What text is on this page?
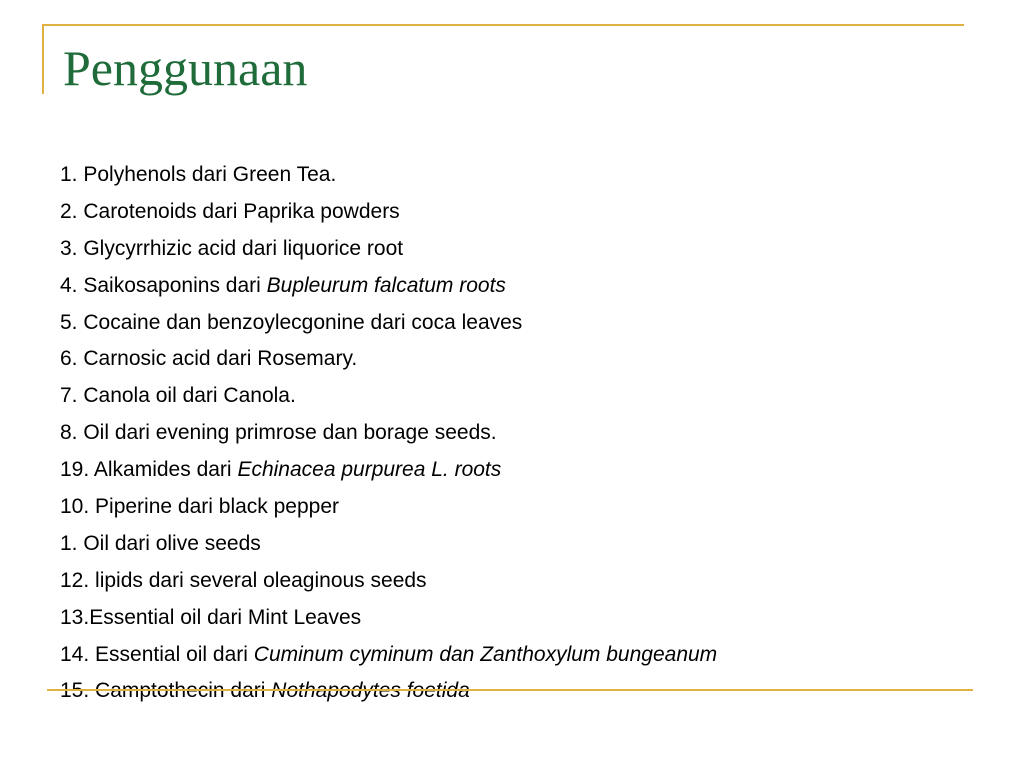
Penggunaan
1. Polyhenols dari Green Tea.
2. Carotenoids dari Paprika powders
3. Glycyrrhizic acid dari liquorice root
4. Saikosaponins dari Bupleurum falcatum roots
5. Cocaine dan benzoylecgonine dari coca leaves
6. Carnosic acid dari Rosemary.
7. Canola oil dari Canola.
8. Oil dari evening primrose dan borage seeds.
19. Alkamides dari Echinacea purpurea L. roots
10. Piperine dari black pepper
1. Oil dari olive seeds
12. lipids dari several oleaginous seeds
13.Essential oil dari Mint Leaves
14. Essential oil dari Cuminum cyminum dan Zanthoxylum bungeanum
